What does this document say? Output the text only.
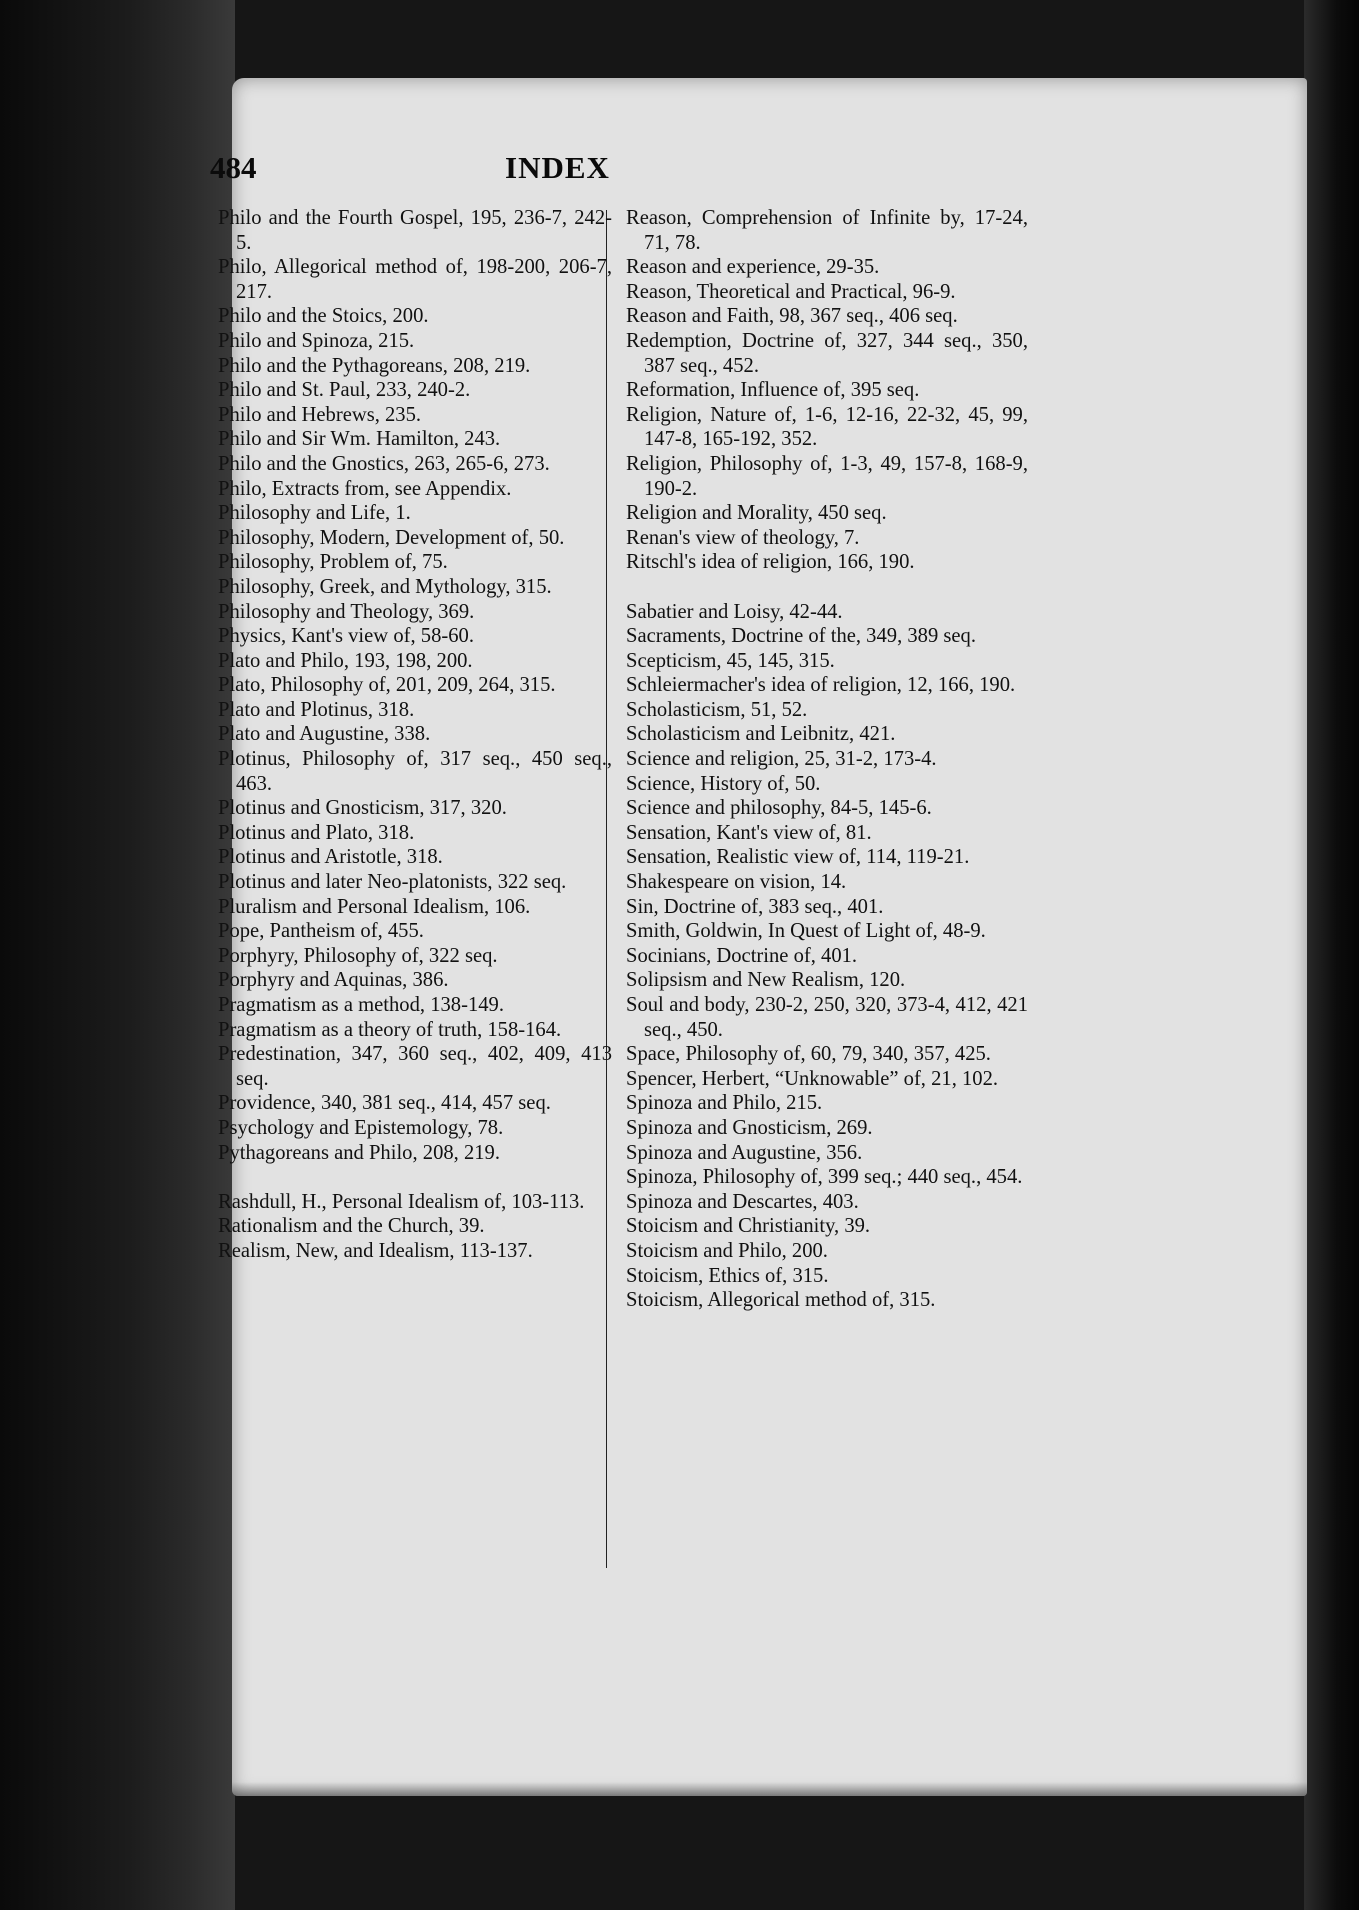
484	INDEX
Philo and the Fourth Gospel, 195, 236-7, 242-5.
Philo, Allegorical method of, 198-200, 206-7, 217.
Philo and the Stoics, 200.
Philo and Spinoza, 215.
Philo and the Pythagoreans, 208, 219.
Philo and St. Paul, 233, 240-2.
Philo and Hebrews, 235.
Philo and Sir Wm. Hamilton, 243.
Philo and the Gnostics, 263, 265-6, 273.
Philo, Extracts from, see Appendix.
Philosophy and Life, 1.
Philosophy, Modern, Development of, 50.
Philosophy, Problem of, 75.
Philosophy, Greek, and Mythology, 315.
Philosophy and Theology, 369.
Physics, Kant's view of, 58-60.
Plato and Philo, 193, 198, 200.
Plato, Philosophy of, 201, 209, 264, 315.
Plato and Plotinus, 318.
Plato and Augustine, 338.
Plotinus, Philosophy of, 317 seq., 450 seq., 463.
Plotinus and Gnosticism, 317, 320.
Plotinus and Plato, 318.
Plotinus and Aristotle, 318.
Plotinus and later Neo-platonists, 322 seq.
Pluralism and Personal Idealism, 106.
Pope, Pantheism of, 455.
Porphyry, Philosophy of, 322 seq.
Porphyry and Aquinas, 386.
Pragmatism as a method, 138-149.
Pragmatism as a theory of truth, 158-164.
Predestination, 347, 360 seq., 402, 409, 413 seq.
Providence, 340, 381 seq., 414, 457 seq.
Psychology and Epistemology, 78.
Pythagoreans and Philo, 208, 219.
Rashdull, H., Personal Idealism of, 103-113.
Rationalism and the Church, 39.
Realism, New, and Idealism, 113-137.
Reason, Comprehension of Infinite by, 17-24, 71, 78.
Reason and experience, 29-35.
Reason, Theoretical and Practical, 96-9.
Reason and Faith, 98, 367 seq., 406 seq.
Redemption, Doctrine of, 327, 344 seq., 350, 387 seq., 452.
Reformation, Influence of, 395 seq.
Religion, Nature of, 1-6, 12-16, 22-32, 45, 99, 147-8, 165-192, 352.
Religion, Philosophy of, 1-3, 49, 157-8, 168-9, 190-2.
Religion and Morality, 450 seq.
Renan's view of theology, 7.
Ritschl's idea of religion, 166, 190.
Sabatier and Loisy, 42-44.
Sacraments, Doctrine of the, 349, 389 seq.
Scepticism, 45, 145, 315.
Schleiermacher's idea of religion, 12, 166, 190.
Scholasticism, 51, 52.
Scholasticism and Leibnitz, 421.
Science and religion, 25, 31-2, 173-4.
Science, History of, 50.
Science and philosophy, 84-5, 145-6.
Sensation, Kant's view of, 81.
Sensation, Realistic view of, 114, 119-21.
Shakespeare on vision, 14.
Sin, Doctrine of, 383 seq., 401.
Smith, Goldwin, In Quest of Light of, 48-9.
Socinians, Doctrine of, 401.
Solipsism and New Realism, 120.
Soul and body, 230-2, 250, 320, 373-4, 412, 421 seq., 450.
Space, Philosophy of, 60, 79, 340, 357, 425.
Spencer, Herbert, “Unknowable” of, 21, 102.
Spinoza and Philo, 215.
Spinoza and Gnosticism, 269.
Spinoza and Augustine, 356.
Spinoza, Philosophy of, 399 seq.; 440 seq., 454.
Spinoza and Descartes, 403.
Stoicism and Christianity, 39.
Stoicism and Philo, 200.
Stoicism, Ethics of, 315.
Stoicism, Allegorical method of, 315.
